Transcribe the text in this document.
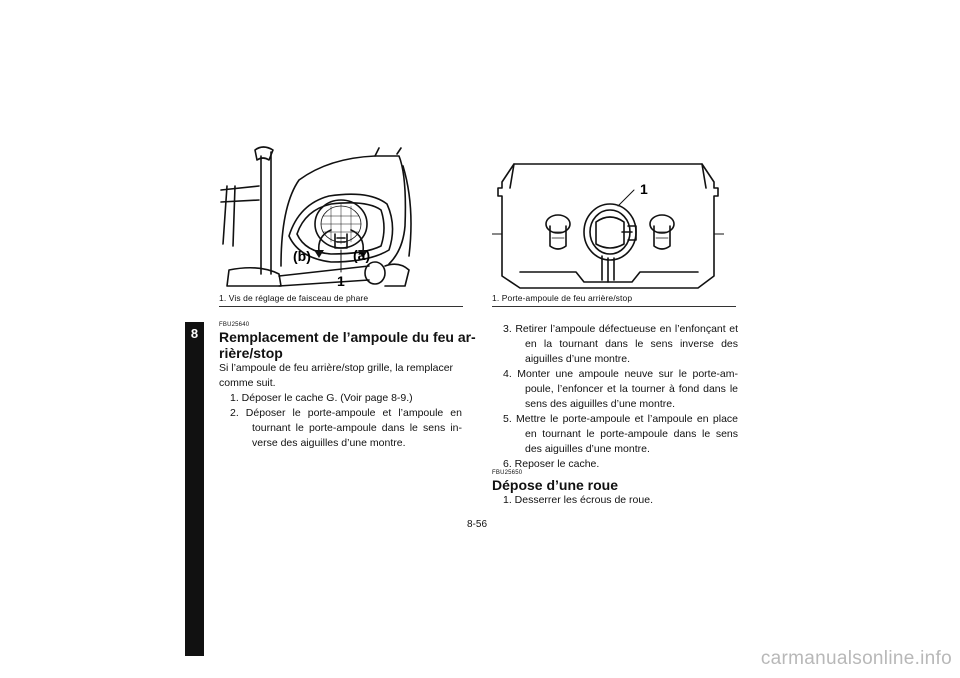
8
(b)	(a)
1
1. Vis de réglage de faisceau de phare
1
1. Porte-ampoule de feu arrière/stop
FBU25640
Remplacement de l’ampoule du feu ar-
rière/stop
Si l’ampoule de feu arrière/stop grille, la remplacer
comme suit.
1. Déposer le cache G. (Voir page 8-9.)
2. Déposer le porte-ampoule et l’ampoule en tournant le porte-ampoule dans le sens in-verse des aiguilles d’une montre.
3. Retirer l’ampoule défectueuse en l’enfonçant et en la tournant dans le sens inverse des aiguilles d’une montre.
4. Monter une ampoule neuve sur le porte-am-poule, l’enfoncer et la tourner à fond dans le sens des aiguilles d’une montre.
5. Mettre le porte-ampoule et l’ampoule en place en tournant le porte-ampoule dans le sens des aiguilles d’une montre.
6. Reposer le cache.
FBU25650
Dépose d’une roue
1. Desserrer les écrous de roue.
8-56
carmanualsonline.info
